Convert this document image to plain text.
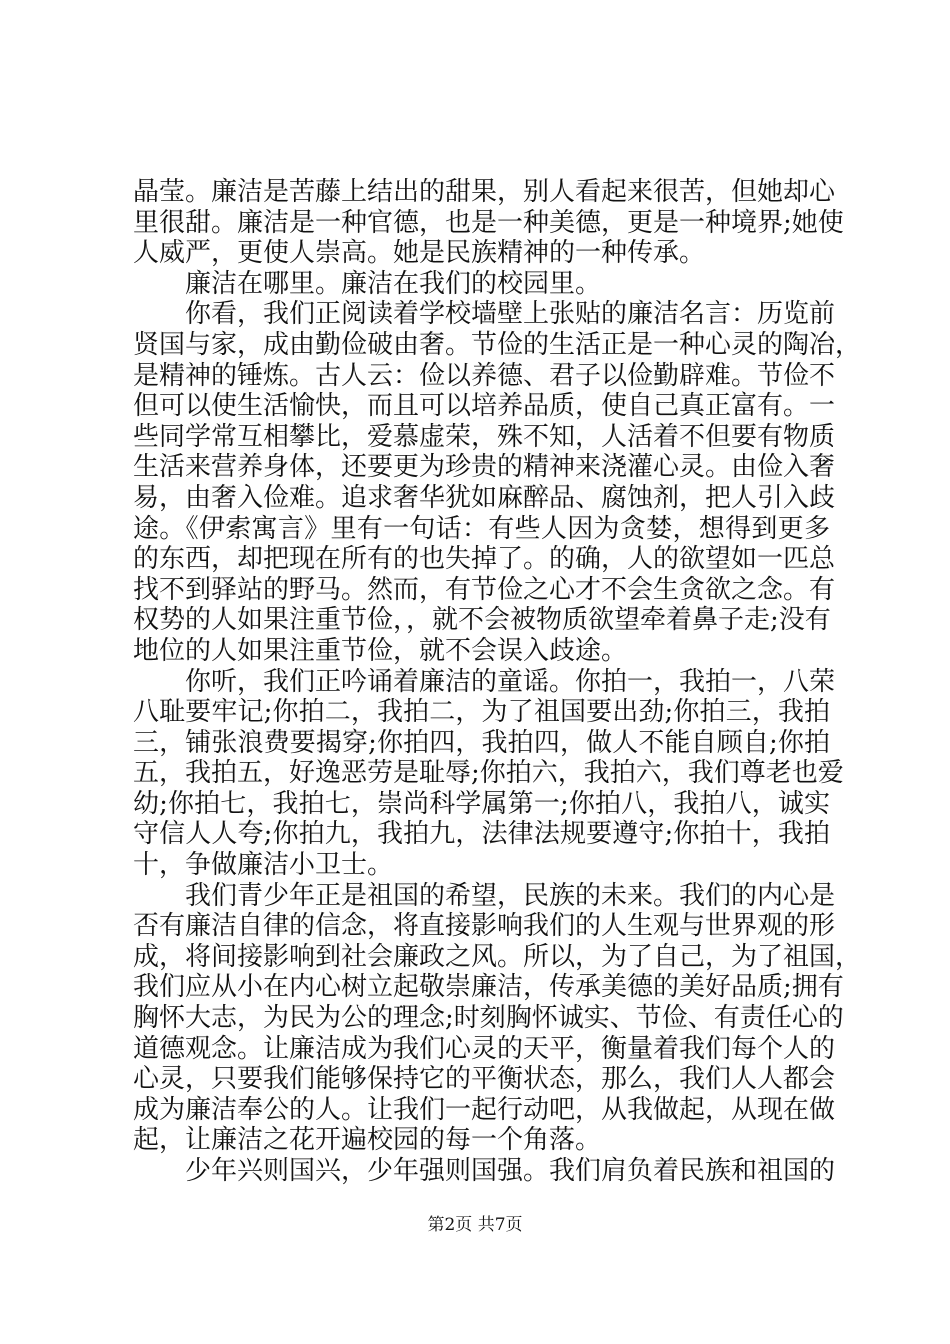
晶莹。廉洁是苦藤上结出的甜果，别人看起来很苦，但她却心
里很甜。廉洁是一种官德，也是一种美德，更是一种境界;她使
人威严，更使人崇高。她是民族精神的一种传承。
廉洁在哪里。廉洁在我们的校园里。
你看，我们正阅读着学校墙壁上张贴的廉洁名言：历览前
贤国与家，成由勤俭破由奢。节俭的生活正是一种心灵的陶冶，
是精神的锤炼。古人云：俭以养德、君子以俭勤辟难。节俭不
但可以使生活愉快，而且可以培养品质，使自己真正富有。一
些同学常互相攀比，爱慕虚荣，殊不知，人活着不但要有物质
生活来营养身体，还要更为珍贵的精神来浇灌心灵。由俭入奢
易，由奢入俭难。追求奢华犹如麻醉品、腐蚀剂，把人引入歧
途。《伊索寓言》里有一句话：有些人因为贪婪，想得到更多
的东西，却把现在所有的也失掉了。的确，人的欲望如一匹总
找不到驿站的野马。然而，有节俭之心才不会生贪欲之念。有
权势的人如果注重节俭，，就不会被物质欲望牵着鼻子走;没有
地位的人如果注重节俭，就不会误入歧途。
你听，我们正吟诵着廉洁的童谣。你拍一，我拍一，八荣
八耻要牢记;你拍二，我拍二，为了祖国要出劲;你拍三，我拍
三，铺张浪费要揭穿;你拍四，我拍四，做人不能自顾自;你拍
五，我拍五，好逸恶劳是耻辱;你拍六，我拍六，我们尊老也爱
幼;你拍七，我拍七，崇尚科学属第一;你拍八，我拍八，诚实
守信人人夸;你拍九，我拍九，法律法规要遵守;你拍十，我拍
十，争做廉洁小卫士。
我们青少年正是祖国的希望，民族的未来。我们的内心是
否有廉洁自律的信念，将直接影响我们的人生观与世界观的形
成，将间接影响到社会廉政之风。所以，为了自己，为了祖国，
我们应从小在内心树立起敬崇廉洁，传承美德的美好品质;拥有
胸怀大志，为民为公的理念;时刻胸怀诚实、节俭、有责任心的
道德观念。让廉洁成为我们心灵的天平，衡量着我们每个人的
心灵，只要我们能够保持它的平衡状态，那么，我们人人都会
成为廉洁奉公的人。让我们一起行动吧，从我做起，从现在做
起，让廉洁之花开遍校园的每一个角落。
少年兴则国兴，少年强则国强。我们肩负着民族和祖国的
第2页 共7页
